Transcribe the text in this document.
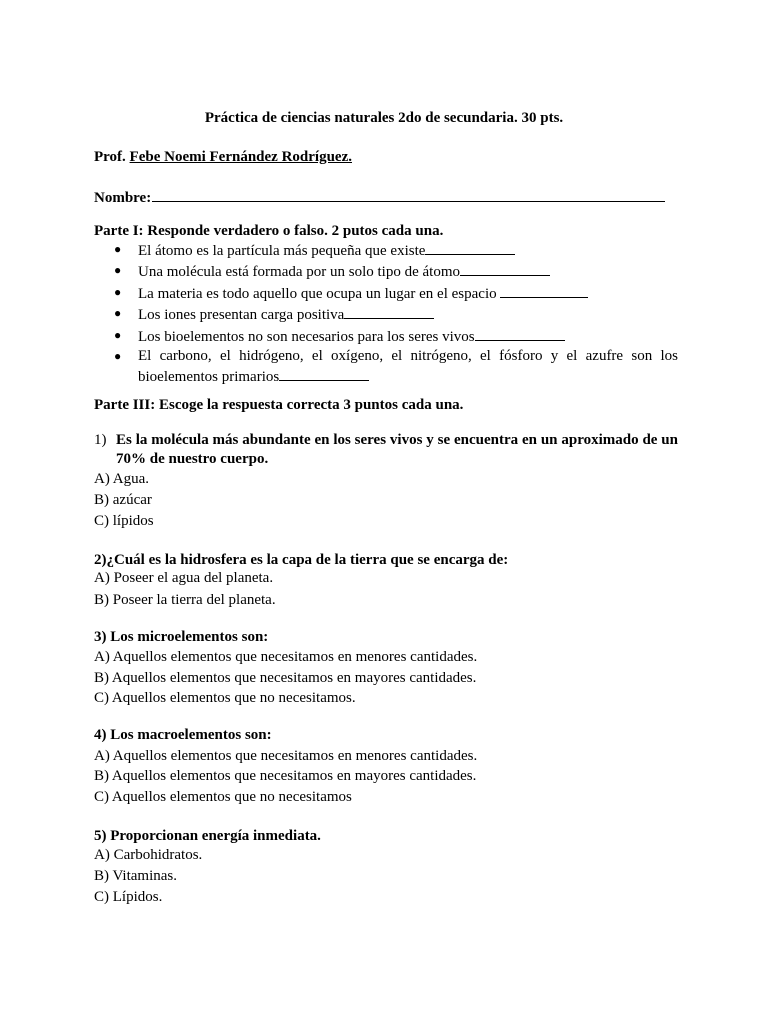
Práctica de ciencias naturales 2do de secundaria. 30 pts.
Prof. Febe Noemi Fernández Rodríguez.
Nombre:
Parte I: Responde verdadero o falso. 2 putos cada una.
● El átomo es la partícula más pequeña que existe
● Una molécula está formada por un solo tipo de átomo
● La materia es todo aquello que ocupa un lugar en el espacio
● Los iones presentan carga positiva
● Los bioelementos no son necesarios para los seres vivos
● El carbono, el hidrógeno, el oxígeno, el nitrógeno, el fósforo y el azufre son los bioelementos primarios
Parte III: Escoge la respuesta correcta 3 puntos cada una.
1) Es la molécula más abundante en los seres vivos y se encuentra en un aproximado de un 70% de nuestro cuerpo.
A) Agua.
B) azúcar
C) lípidos
2)¿Cuál es la hidrosfera es la capa de la tierra que se encarga de:
A) Poseer el agua del planeta.
B) Poseer la tierra del planeta.
3) Los microelementos son:
A) Aquellos elementos que necesitamos en menores cantidades.
B) Aquellos elementos que necesitamos en mayores cantidades.
C) Aquellos elementos que no necesitamos.
4) Los macroelementos son:
A) Aquellos elementos que necesitamos en menores cantidades.
B) Aquellos elementos que necesitamos en mayores cantidades.
C) Aquellos elementos que no necesitamos
5) Proporcionan energía inmediata.
A) Carbohidratos.
B) Vitaminas.
C) Lípidos.
